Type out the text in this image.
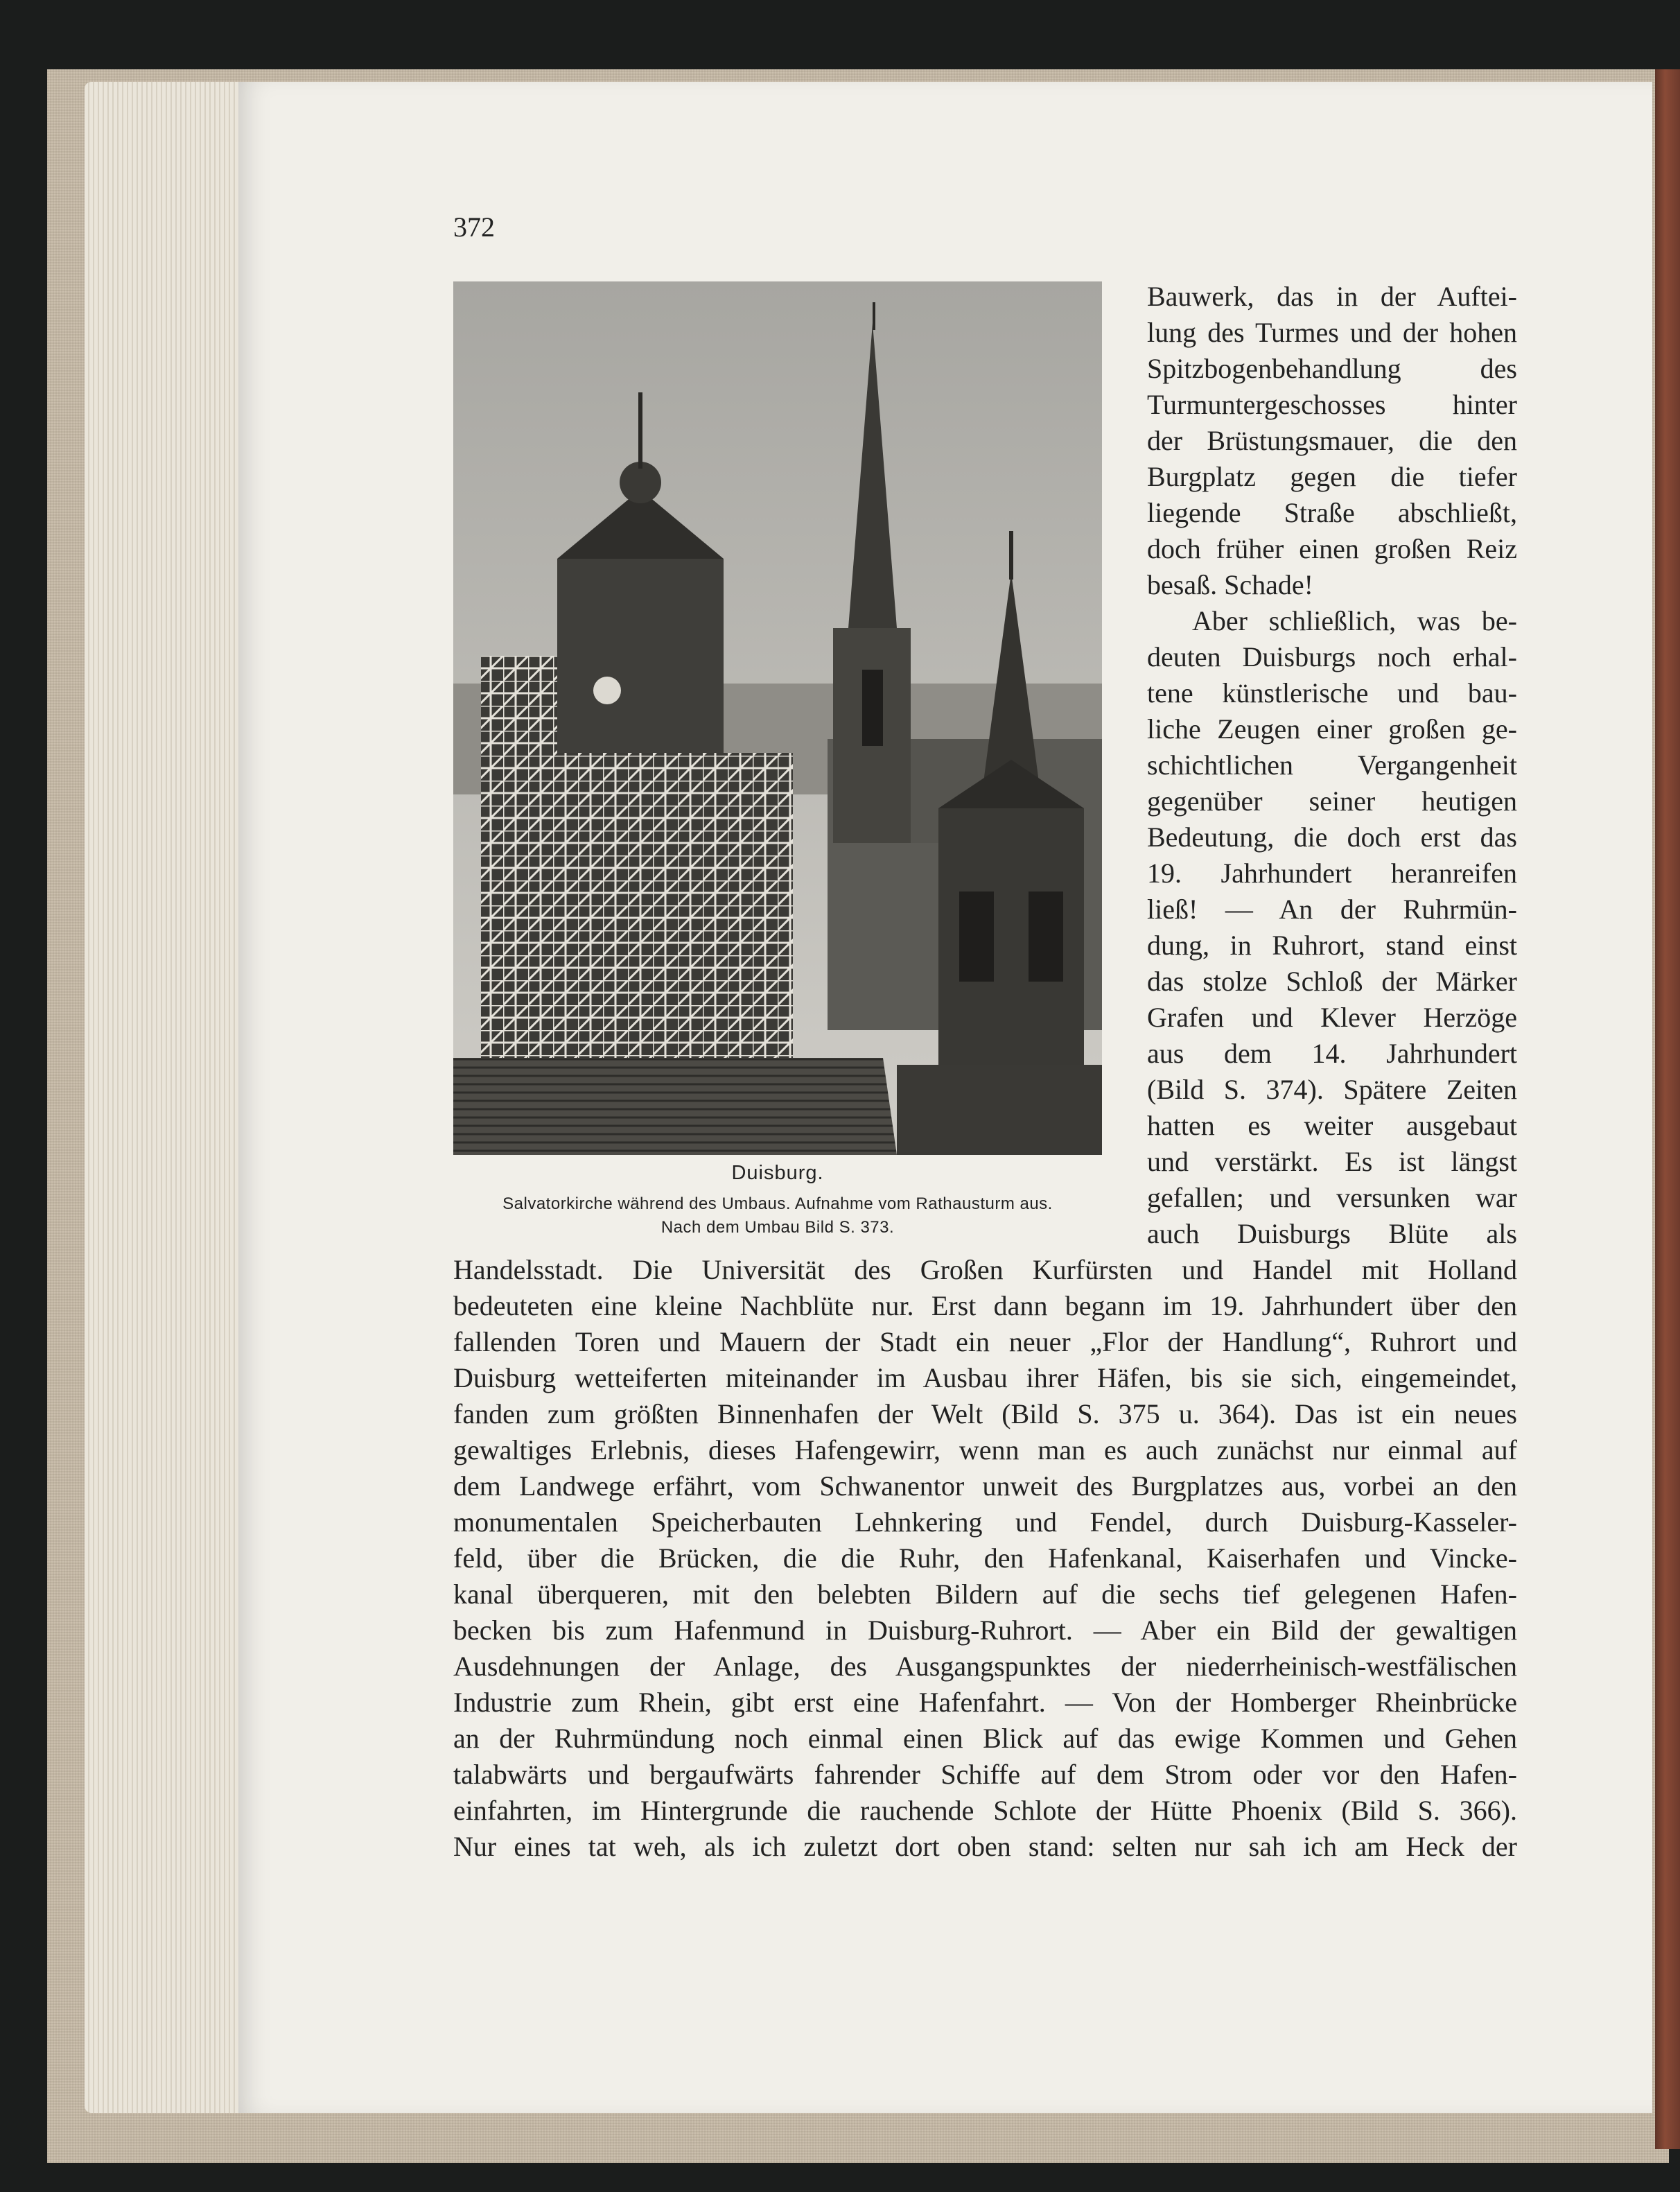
372
Duisburg.
Salvatorkirche während des Umbaus. Aufnahme vom Rathausturm aus.
Nach dem Umbau Bild S. 373.
Bauwerk, das in der Auftei-
lung des Turmes und der hohen
Spitzbogenbehandlung des
Turmuntergeschosses hinter
der Brüstungsmauer, die den
Burgplatz gegen die tiefer
liegende Straße abschließt,
doch früher einen großen Reiz
besaß. Schade!
Aber schließlich, was be-
deuten Duisburgs noch erhal-
tene künstlerische und bau-
liche Zeugen einer großen ge-
schichtlichen Vergangenheit
gegenüber seiner heutigen
Bedeutung, die doch erst das
19. Jahrhundert heranreifen
ließ! — An der Ruhrmün-
dung, in Ruhrort, stand einst
das stolze Schloß der Märker
Grafen und Klever Herzöge
aus dem 14. Jahrhundert
(Bild S. 374). Spätere Zeiten
hatten es weiter ausgebaut
und verstärkt. Es ist längst
gefallen; und versunken war
auch Duisburgs Blüte als
Handelsstadt. Die Universität des Großen Kurfürsten und Handel mit Holland
bedeuteten eine kleine Nachblüte nur. Erst dann begann im 19. Jahrhundert über den
fallenden Toren und Mauern der Stadt ein neuer „Flor der Handlung“, Ruhrort und
Duisburg wetteiferten miteinander im Ausbau ihrer Häfen, bis sie sich, eingemeindet,
fanden zum größten Binnenhafen der Welt (Bild S. 375 u. 364). Das ist ein neues
gewaltiges Erlebnis, dieses Hafengewirr, wenn man es auch zunächst nur einmal auf
dem Landwege erfährt, vom Schwanentor unweit des Burgplatzes aus, vorbei an den
monumentalen Speicherbauten Lehnkering und Fendel, durch Duisburg-Kasseler-
feld, über die Brücken, die die Ruhr, den Hafenkanal, Kaiserhafen und Vincke-
kanal überqueren, mit den belebten Bildern auf die sechs tief gelegenen Hafen-
becken bis zum Hafenmund in Duisburg-Ruhrort. — Aber ein Bild der gewaltigen
Ausdehnungen der Anlage, des Ausgangspunktes der niederrheinisch-westfälischen
Industrie zum Rhein, gibt erst eine Hafenfahrt. — Von der Homberger Rheinbrücke
an der Ruhrmündung noch einmal einen Blick auf das ewige Kommen und Gehen
talabwärts und bergaufwärts fahrender Schiffe auf dem Strom oder vor den Hafen-
einfahrten, im Hintergrunde die rauchende Schlote der Hütte Phoenix (Bild S. 366).
Nur eines tat weh, als ich zuletzt dort oben stand: selten nur sah ich am Heck der
